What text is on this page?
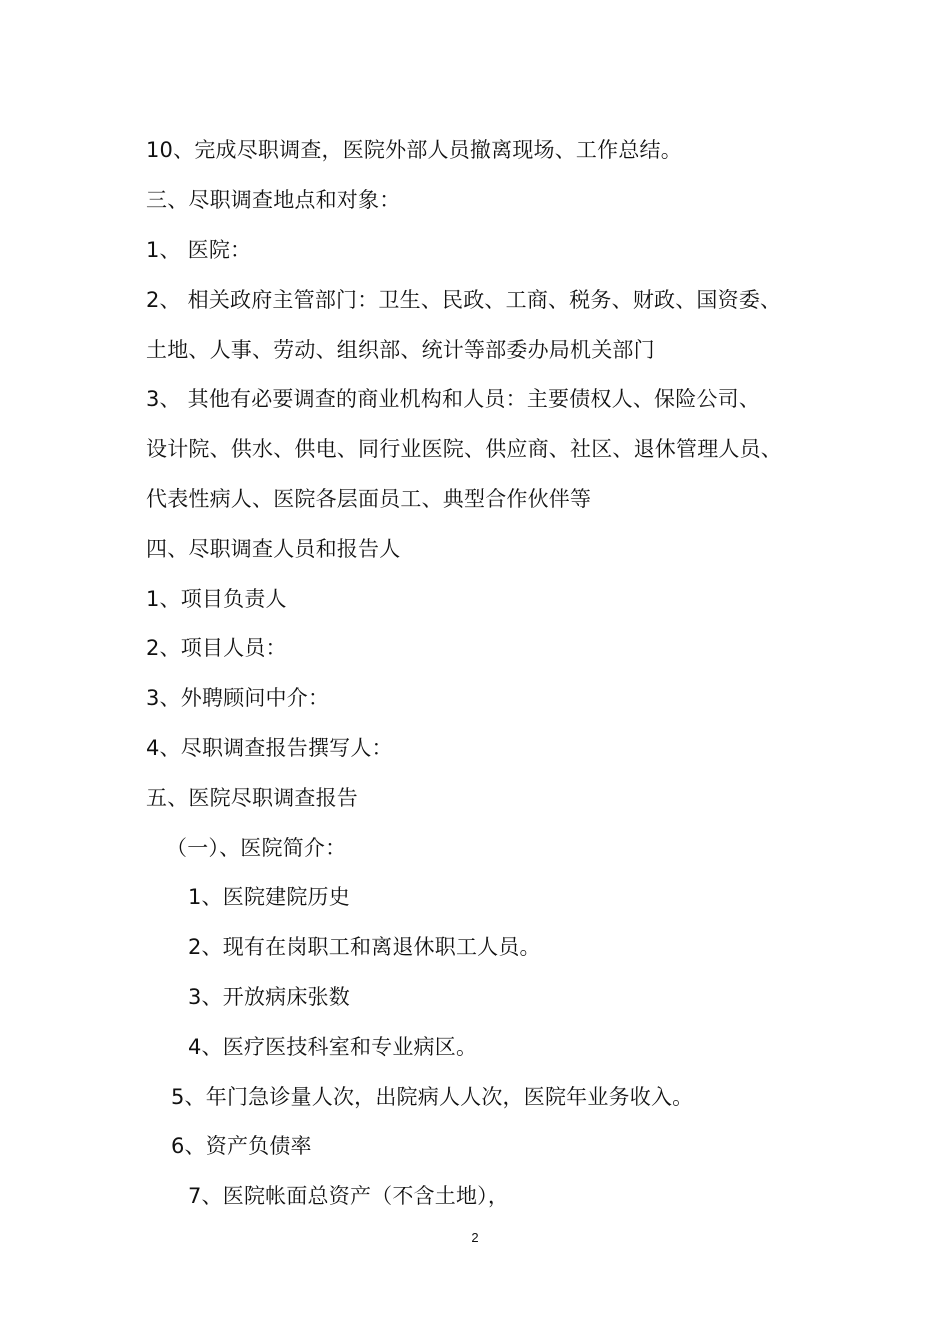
10、完成尽职调查，医院外部人员撤离现场、工作总结。
三、尽职调查地点和对象：
1、 医院：
2、 相关政府主管部门：卫生、民政、工商、税务、财政、国资委、
土地、人事、劳动、组织部、统计等部委办局机关部门
3、 其他有必要调查的商业机构和人员：主要债权人、保险公司、
设计院、供水、供电、同行业医院、供应商、社区、退休管理人员、
代表性病人、医院各层面员工、典型合作伙伴等
四、尽职调查人员和报告人
1、项目负责人
2、项目人员：
3、外聘顾问中介：
4、尽职调查报告撰写人：
五、医院尽职调查报告
（一）、医院简介：
1、医院建院历史
2、现有在岗职工和离退休职工人员。
3、开放病床张数
4、医疗医技科室和专业病区。
5、年门急诊量人次，出院病人人次，医院年业务收入。
6、资产负债率
7、医院帐面总资产（不含土地），
2
